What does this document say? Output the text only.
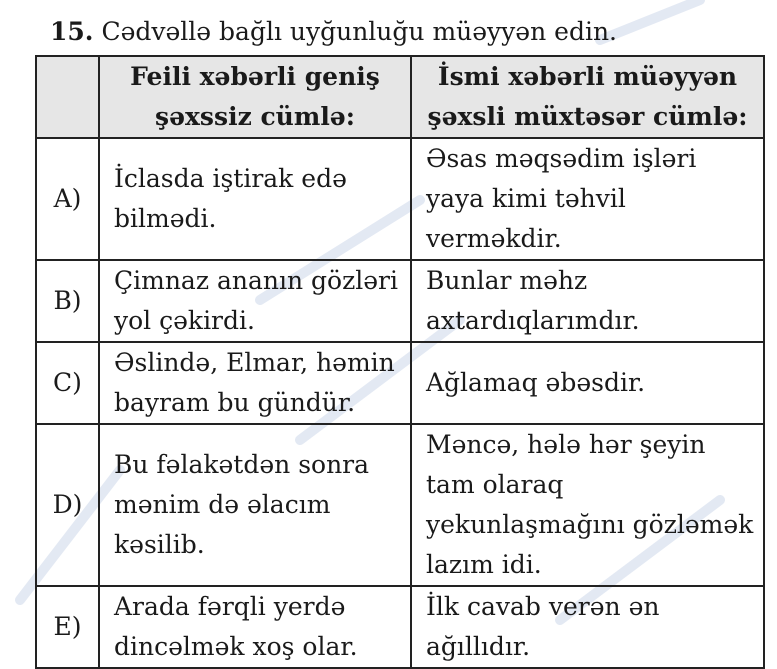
15. Cədvəllə bağlı uyğunluğu müəyyən edin.
	Feili xəbərli geniş şəxssiz cümlə:	İsmi xəbərli müəyyən şəxsli müxtəsər cümlə:
A)	İclasda iştirak edə bilmədi.	Əsas məqsədim işləri yaya kimi təhvil verməkdir.
B)	Çimnaz ananın gözləri yol çəkirdi.	Bunlar məhz axtardıqlarımdır.
C)	Əslində, Elmar, həmin bayram bu gündür.	Ağlamaq əbəsdir.
D)	Bu fəlakətdən sonra mənim də əlacım kəsilib.	Məncə, hələ hər şeyin tam olaraq yekunlaşmağını gözləmək lazım idi.
E)	Arada fərqli yerdə dincəlmək xoş olar.	İlk cavab verən ən ağıllıdır.
